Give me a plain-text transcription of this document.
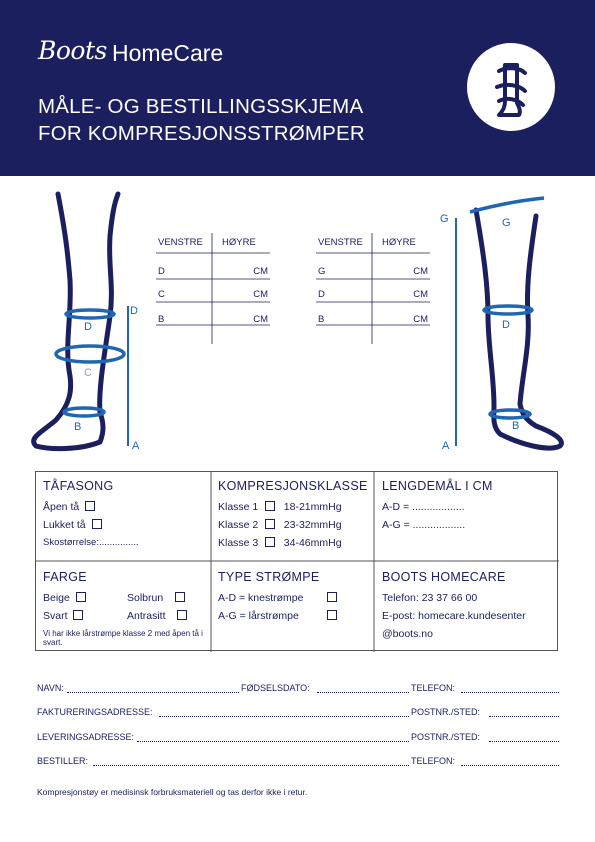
Boots HomeCare
MÅLE- OG BESTILLINGSSKJEMA
FOR KOMPRESJONSSTRØMPER
D
C
B
D
A
G	G
D
B
A
VENSTRE HØYRE
D	CM
C	CM
B	CM
VENSTRE HØYRE
G	CM
D	CM
B	CM
TÅFASONG
Åpen tå
Lukket tå
Skostørrelse:...............
KOMPRESJONSKLASSE
Klasse 1 18-21mmHg
Klasse 2 23-32mmHg
Klasse 3 34-46mmHg
LENGDEMÅL I CM
A-D = ..................
A-G = ..................
FARGE
Beige	Solbrun
Svart	Antrasitt
Vi har ikke lårstrømpe klasse 2 med åpen tå i svart.
TYPE STRØMPE
A-D = knestrømpe
A-G = lårstrømpe
BOOTS HOMECARE
Telefon: 23 37 66 00
E-post: homecare.kundesenter
@boots.no
NAVN:	FØDSELSDATO:	TELEFON:
FAKTURERINGSADRESSE:	POSTNR./STED:
LEVERINGSADRESSE:	POSTNR./STED:
BESTILLER:	TELEFON:
Kompresjonstøy er medisinsk forbruksmateriell og tas derfor ikke i retur.
